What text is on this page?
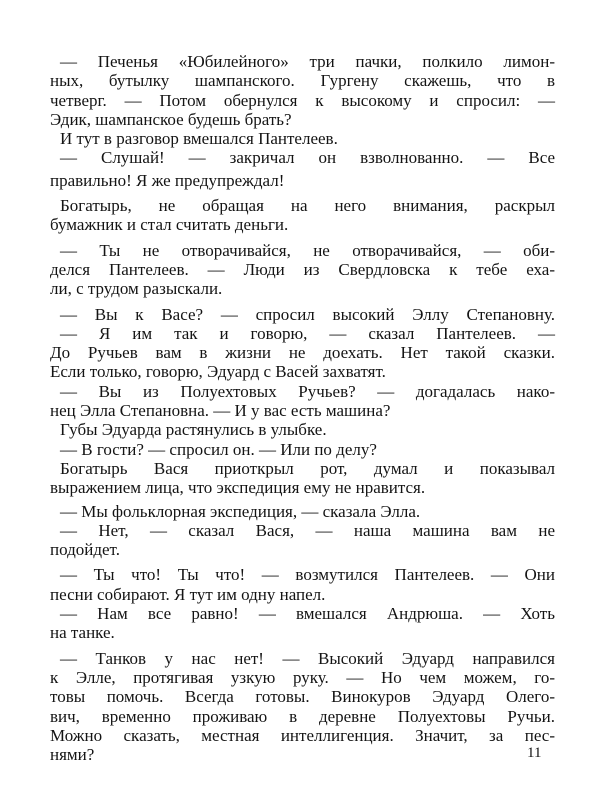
— Печенья «Юбилейного» три пачки, полкило лимон-
ных, бутылку шампанского. Гургену скажешь, что в
четверг. — Потом обернулся к высокому и спросил: —
Эдик, шампанское будешь брать?
И тут в разговор вмешался Пантелеев.
— Слушай! — закричал он взволнованно. — Все
правильно! Я же предупреждал!
Богатырь, не обращая на него внимания, раскрыл
бумажник и стал считать деньги.
— Ты не отворачивайся, не отворачивайся, — оби-
делся Пантелеев. — Люди из Свердловска к тебе еха-
ли, с трудом разыскали.
— Вы к Васе? — спросил высокий Эллу Степановну.
— Я им так и говорю, — сказал Пантелеев. —
До Ручьев вам в жизни не доехать. Нет такой сказки.
Если только, говорю, Эдуард с Васей захватят.
— Вы из Полуехтовых Ручьев? — догадалась нако-
нец Элла Степановна. — И у вас есть машина?
Губы Эдуарда растянулись в улыбке.
— В гости? — спросил он. — Или по делу?
Богатырь Вася приоткрыл рот, думал и показывал
выражением лица, что экспедиция ему не нравится.
— Мы фольклорная экспедиция, — сказала Элла.
— Нет, — сказал Вася, — наша машина вам не
подойдет.
— Ты что! Ты что! — возмутился Пантелеев. — Они
песни собирают. Я тут им одну напел.
— Нам все равно! — вмешался Андрюша. — Хоть
на танке.
— Танков у нас нет! — Высокий Эдуард направился
к Элле, протягивая узкую руку. — Но чем можем, го-
товы помочь. Всегда готовы. Винокуров Эдуард Олего-
вич, временно проживаю в деревне Полуехтовы Ручьи.
Можно сказать, местная интеллигенция. Значит, за пес-
нями?	11
